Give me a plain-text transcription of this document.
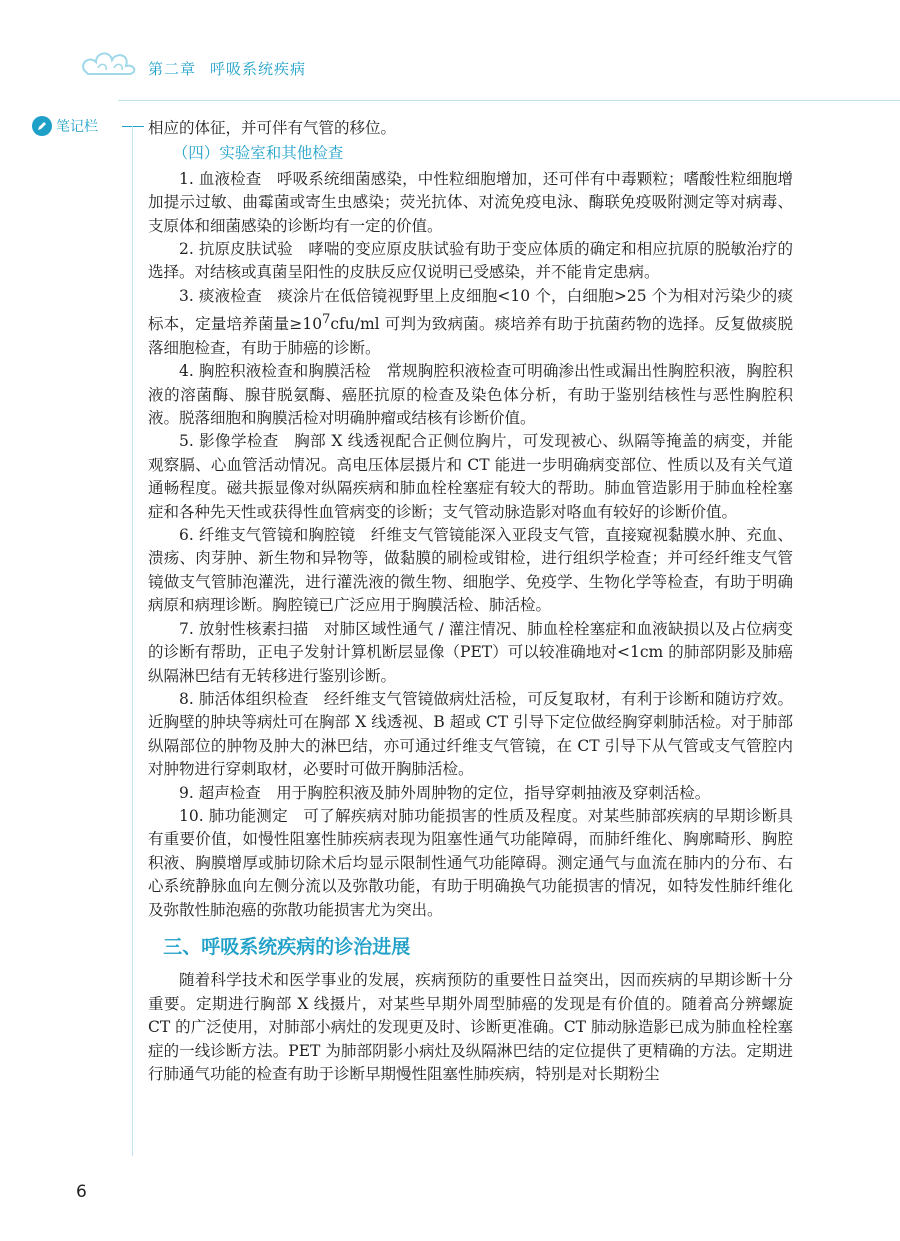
第二章 呼吸系统疾病
笔记栏	相应的体征，并可伴有气管的移位。

（四）实验室和其他检查

1. 血液检查 呼吸系统细菌感染，中性粒细胞增加，还可伴有中毒颗粒；嗜酸性粒细胞增加提示过敏、曲霉菌或寄生虫感染；荧光抗体、对流免疫电泳、酶联免疫吸附测定等对病毒、支原体和细菌感染的诊断均有一定的价值。

2. 抗原皮肤试验 哮喘的变应原皮肤试验有助于变应体质的确定和相应抗原的脱敏治疗的选择。对结核或真菌呈阳性的皮肤反应仅说明已受感染，并不能肯定患病。

3. 痰液检查 痰涂片在低倍镜视野里上皮细胞<10 个，白细胞>25 个为相对污染少的痰标本，定量培养菌量$\ge 10^7cfu/ml$ 可判为致病菌。痰培养有助于抗菌药物的选择。反复做痰脱落细胞检查，有助于肺癌的诊断。

4. 胸腔积液检查和胸膜活检 常规胸腔积液检查可明确渗出性或漏出性胸腔积液，胸腔积液的溶菌酶、腺苷脱氨酶、癌胚抗原的检查及染色体分析，有助于鉴别结核性与恶性胸腔积液。脱落细胞和胸膜活检对明确肿瘤或结核有诊断价值。

5. 影像学检查 胸部 X 线透视配合正侧位胸片，可发现被心、纵隔等掩盖的病变，并能观察膈、心血管活动情况。高电压体层摄片和 CT 能进一步明确病变部位、性质以及有关气道通畅程度。磁共振显像对纵隔疾病和肺血栓栓塞症有较大的帮助。肺血管造影用于肺血栓栓塞症和各种先天性或获得性血管病变的诊断；支气管动脉造影对咯血有较好的诊断价值。

6. 纤维支气管镜和胸腔镜 纤维支气管镜能深入亚段支气管，直接窥视黏膜水肿、充血、溃疡、肉芽肿、新生物和异物等，做黏膜的刷检或钳检，进行组织学检查；并可经纤维支气管镜做支气管肺泡灌洗，进行灌洗液的微生物、细胞学、免疫学、生物化学等检查，有助于明确病原和病理诊断。胸腔镜已广泛应用于胸膜活检、肺活检。

7. 放射性核素扫描 对肺区域性通气 / 灌注情况、肺血栓栓塞症和血液缺损以及占位病变的诊断有帮助，正电子发射计算机断层显像（PET）可以较准确地对<1cm 的肺部阴影及肺癌纵隔淋巴结有无转移进行鉴别诊断。

8. 肺活体组织检查 经纤维支气管镜做病灶活检，可反复取材，有利于诊断和随访疗效。近胸壁的肿块等病灶可在胸部 X 线透视、B 超或 CT 引导下定位做经胸穿刺肺活检。对于肺部纵隔部位的肿物及肿大的淋巴结，亦可通过纤维支气管镜，在 CT 引导下从气管或支气管腔内对肿物进行穿刺取材，必要时可做开胸肺活检。

9. 超声检查 用于胸腔积液及肺外周肿物的定位，指导穿刺抽液及穿刺活检。

10. 肺功能测定 可了解疾病对肺功能损害的性质及程度。对某些肺部疾病的早期诊断具有重要价值，如慢性阻塞性肺疾病表现为阻塞性通气功能障碍，而肺纤维化、胸廓畸形、胸腔积液、胸膜增厚或肺切除术后均显示限制性通气功能障碍。测定通气与血流在肺内的分布、右心系统静脉血向左侧分流以及弥散功能，有助于明确换气功能损害的情况，如特发性肺纤维化及弥散性肺泡癌的弥散功能损害尤为突出。

三、呼吸系统疾病的诊治进展

随着科学技术和医学事业的发展，疾病预防的重要性日益突出，因而疾病的早期诊断十分重要。定期进行胸部 X 线摄片，对某些早期外周型肺癌的发现是有价值的。随着高分辨螺旋 CT 的广泛使用，对肺部小病灶的发现更及时、诊断更准确。CT 肺动脉造影已成为肺血栓栓塞症的一线诊断方法。PET 为肺部阴影小病灶及纵隔淋巴结的定位提供了更精确的方法。定期进行肺通气功能的检查有助于诊断早期慢性阻塞性肺疾病，特别是对长期粉尘

6
